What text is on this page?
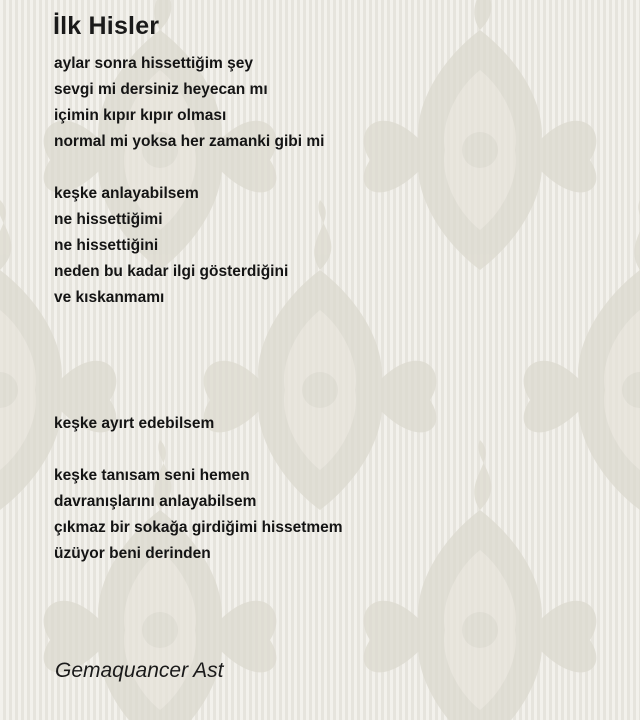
İlk Hisler
aylar sonra hissettiğim şey
sevgi mi dersiniz heyecan mı
içimin kıpır kıpır olması
normal mi yoksa her zamanki gibi mi
keşke anlayabilsem
ne hissettiğimi
ne hissettiğini
neden bu kadar ilgi gösterdiğini
ve kıskanmamı
keşke ayırt edebilsem
keşke tanısam seni hemen
davranışlarını anlayabilsem
çıkmaz bir sokağa girdiğimi hissetmem
üzüyor beni derinden
Gemaquancer Ast
